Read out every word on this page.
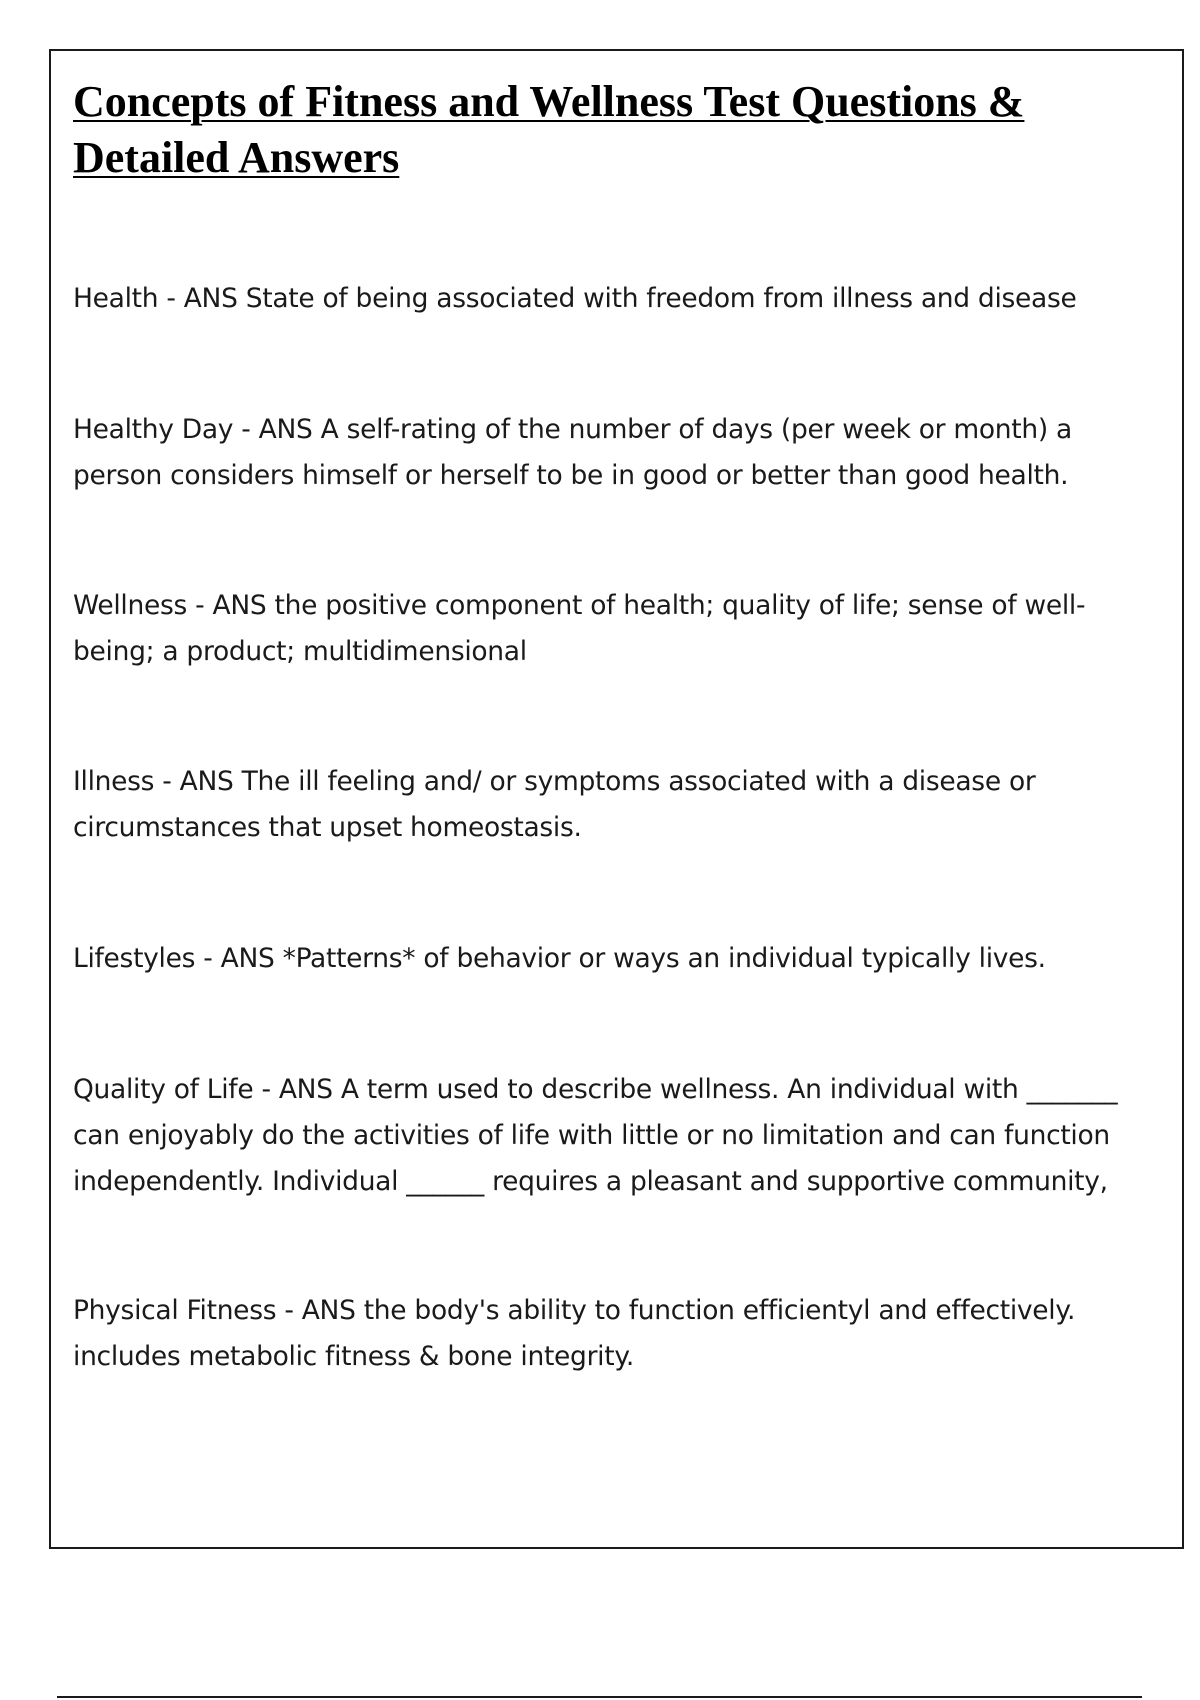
Concepts of Fitness and Wellness Test Questions & Detailed Answers

Health - ANS State of being associated with freedom from illness and disease

Healthy Day - ANS A self-rating of the number of days (per week or month) a person considers himself or herself to be in good or better than good health.

Wellness - ANS the positive component of health; quality of life; sense of well-being; a product; multidimensional

Illness - ANS The ill feeling and/ or symptoms associated with a disease or circumstances that upset homeostasis.

Lifestyles - ANS *Patterns* of behavior or ways an individual typically lives.

Quality of Life - ANS A term used to describe wellness. An individual with _______ can enjoyably do the activities of life with little or no limitation and can function independently. Individual ______ requires a pleasant and supportive community,

Physical Fitness - ANS the body's ability to function efficientyl and effectively. includes metabolic fitness & bone integrity.
